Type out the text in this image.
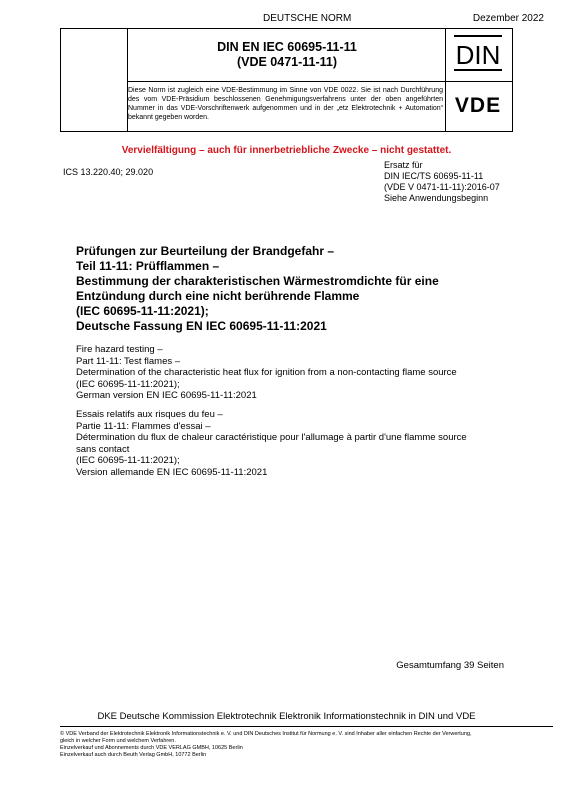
DEUTSCHE NORM	Dezember 2022
DIN EN IEC 60695-11-11
(VDE 0471-11-11)
Diese Norm ist zugleich eine VDE-Bestimmung im Sinne von VDE 0022. Sie ist nach Durchführung des vom VDE-Präsidium beschlossenen Genehmigungsverfahrens unter der oben angeführten Nummer in das VDE-Vorschriftenwerk aufgenommen und in der „etz Elektrotechnik + Automation“ bekannt gegeben worden.
DIN
VDE
Vervielfältigung – auch für innerbetriebliche Zwecke – nicht gestattet.
ICS 13.220.40; 29.020
Ersatz für
DIN IEC/TS 60695-11-11
(VDE V 0471-11-11):2016-07
Siehe Anwendungsbeginn
Prüfungen zur Beurteilung der Brandgefahr –
Teil 11-11: Prüfflammen –
Bestimmung der charakteristischen Wärmestromdichte für eine
Entzündung durch eine nicht berührende Flamme
(IEC 60695-11-11:2021);
Deutsche Fassung EN IEC 60695-11-11:2021
Fire hazard testing –
Part 11-11: Test flames –
Determination of the characteristic heat flux for ignition from a non-contacting flame source
(IEC 60695-11-11:2021);
German version EN IEC 60695-11-11:2021
Essais relatifs aux risques du feu –
Partie 11-11: Flammes d'essai –
Détermination du flux de chaleur caractéristique pour l'allumage à partir d'une flamme source
sans contact
(IEC 60695-11-11:2021);
Version allemande EN IEC 60695-11-11:2021
Gesamtumfang 39 Seiten
DKE Deutsche Kommission Elektrotechnik Elektronik Informationstechnik in DIN und VDE
© VDE Verband der Elektrotechnik Elektronik Informationstechnik e. V. und DIN Deutsches Institut für Normung e. V. sind Inhaber aller einfachen Rechte der Verwertung,
gleich in welcher Form und welchem Verfahren.
Einzelverkauf und Abonnements durch VDE VERLAG GMBH, 10625 Berlin
Einzelverkauf auch durch Beuth Verlag GmbH, 10772 Berlin
